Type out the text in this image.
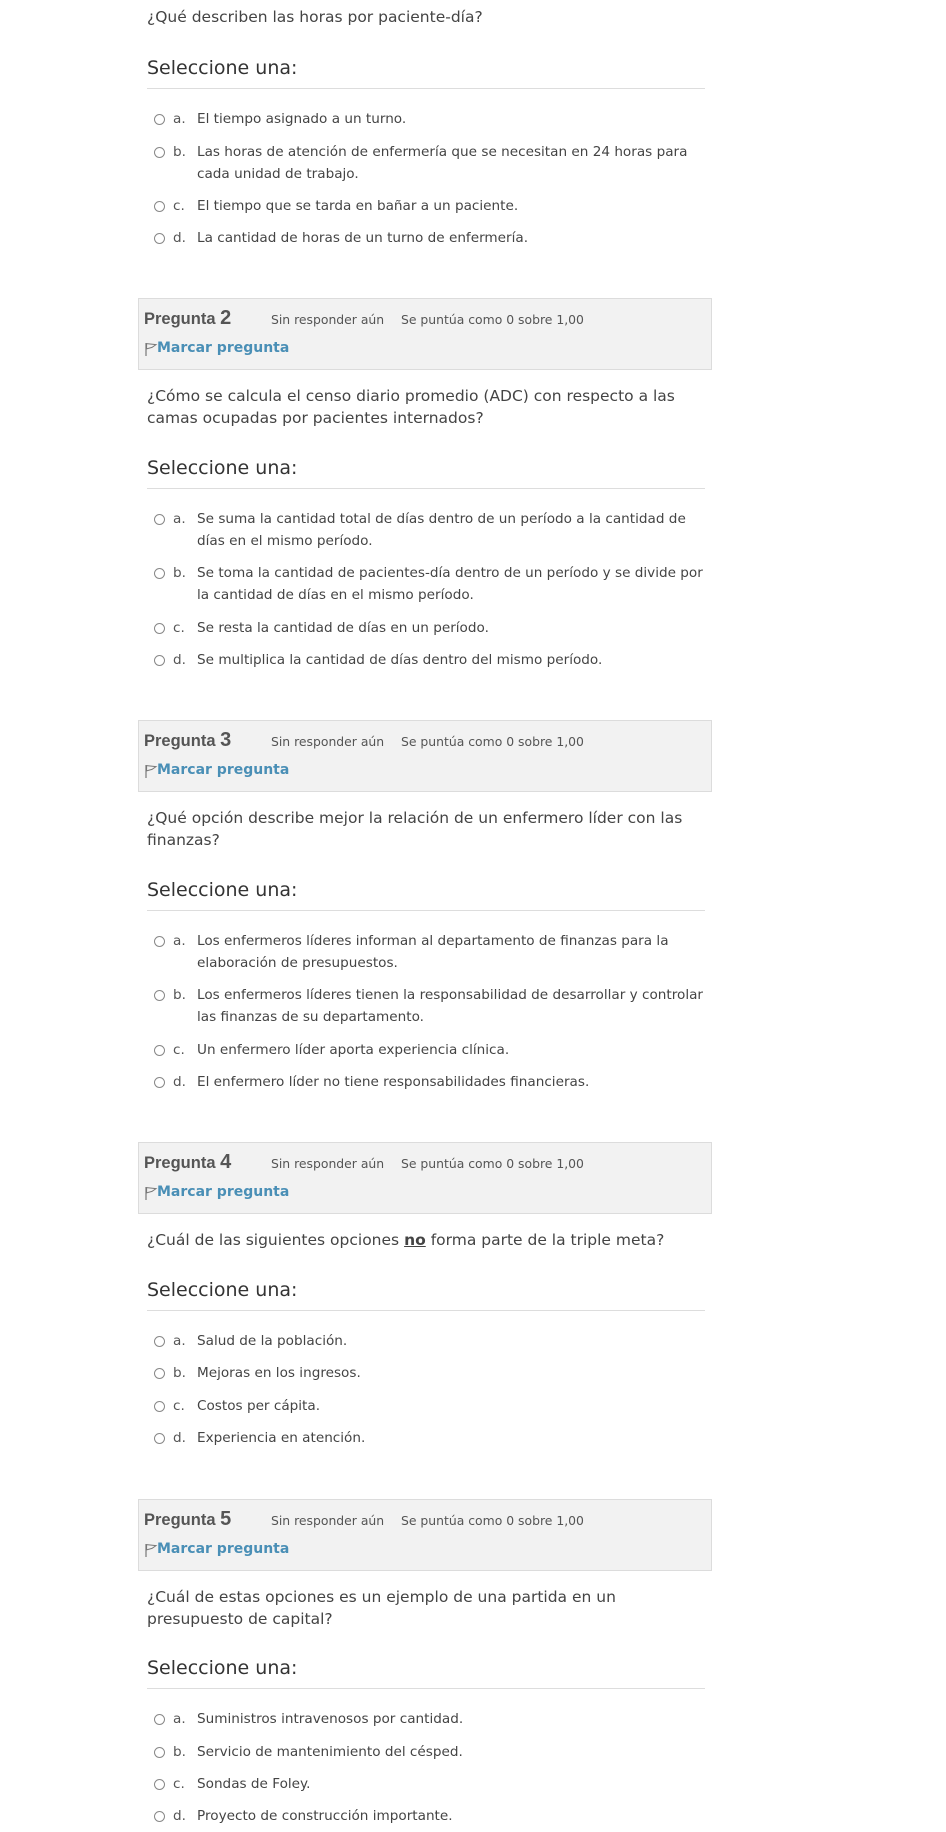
¿Qué describen las horas por paciente-día?
Seleccione una:
a. El tiempo asignado a un turno.
b. Las horas de atención de enfermería que se necesitan en 24 horas para cada unidad de trabajo.
c. El tiempo que se tarda en bañar a un paciente.
d. La cantidad de horas de un turno de enfermería.
Pregunta 2	Sin responder aún Se puntúa como 0 sobre 1,00
Marcar pregunta
¿Cómo se calcula el censo diario promedio (ADC) con respecto a las camas ocupadas por pacientes internados?
Seleccione una:
a. Se suma la cantidad total de días dentro de un período a la cantidad de días en el mismo período.
b. Se toma la cantidad de pacientes-día dentro de un período y se divide por la cantidad de días en el mismo período.
c. Se resta la cantidad de días en un período.
d. Se multiplica la cantidad de días dentro del mismo período.
Pregunta 3	Sin responder aún Se puntúa como 0 sobre 1,00
Marcar pregunta
¿Qué opción describe mejor la relación de un enfermero líder con las finanzas?
Seleccione una:
a. Los enfermeros líderes informan al departamento de finanzas para la elaboración de presupuestos.
b. Los enfermeros líderes tienen la responsabilidad de desarrollar y controlar las finanzas de su departamento.
c. Un enfermero líder aporta experiencia clínica.
d. El enfermero líder no tiene responsabilidades financieras.
Pregunta 4	Sin responder aún Se puntúa como 0 sobre 1,00
Marcar pregunta
¿Cuál de las siguientes opciones no forma parte de la triple meta?
Seleccione una:
a. Salud de la población.
b. Mejoras en los ingresos.
c. Costos per cápita.
d. Experiencia en atención.
Pregunta 5	Sin responder aún Se puntúa como 0 sobre 1,00
Marcar pregunta
¿Cuál de estas opciones es un ejemplo de una partida en un presupuesto de capital?
Seleccione una:
a. Suministros intravenosos por cantidad.
b. Servicio de mantenimiento del césped.
c. Sondas de Foley.
d. Proyecto de construcción importante.
